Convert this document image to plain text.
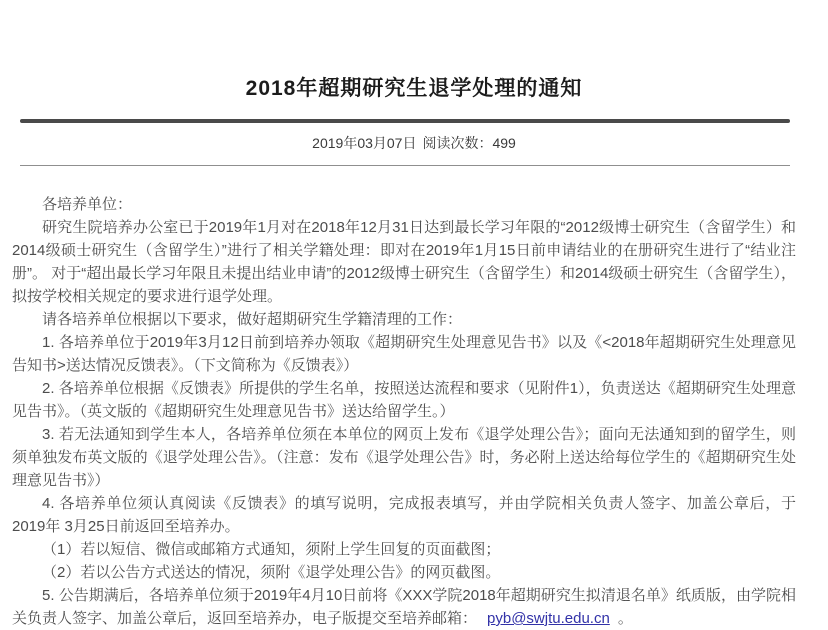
2018年超期研究生退学处理的通知
2019年03月07日 阅读次数：499

各培养单位：

研究生院培养办公室已于2019年1月对在2018年12月31日达到最长学习年限的“2012级博士研究生（含留学生）和2014级硕士研究生（含留学生）”进行了相关学籍处理：即对在2019年1月15日前申请结业的在册研究生进行了“结业注册”。 对于“超出最长学习年限且未提出结业申请”的2012级博士研究生（含留学生）和2014级硕士研究生（含留学生），拟按学校相关规定的要求进行退学处理。

请各培养单位根据以下要求，做好超期研究生学籍清理的工作：

1. 各培养单位于2019年3月12日前到培养办领取《超期研究生处理意见告书》以及《<2018年超期研究生处理意见告知书>送达情况反馈表》。（下文简称为《反馈表》）

2. 各培养单位根据《反馈表》所提供的学生名单，按照送达流程和要求（见附件1），负责送达《超期研究生处理意见告书》。（英文版的《超期研究生处理意见告书》送达给留学生。）

3. 若无法通知到学生本人，各培养单位须在本单位的网页上发布《退学处理公告》；面向无法通知到的留学生，则须单独发布英文版的《退学处理公告》。（注意：发布《退学处理公告》时，务必附上送达给每位学生的《超期研究生处理意见告书》）

4. 各培养单位须认真阅读《反馈表》的填写说明，完成报表填写，并由学院相关负责人签字、加盖公章后，于2019年 3月25日前返回至培养办。

（1）若以短信、微信或邮箱方式通知，须附上学生回复的页面截图；

（2）若以公告方式送达的情况，须附《退学处理公告》的网页截图。

5. 公告期满后，各培养单位须于2019年4月10日前将《XXX学院2018年超期研究生拟清退名单》纸质版，由学院相关负责人签字、加盖公章后，返回至培养办，电子版提交至培养邮箱： pyb@swjtu.edu.cn 。
